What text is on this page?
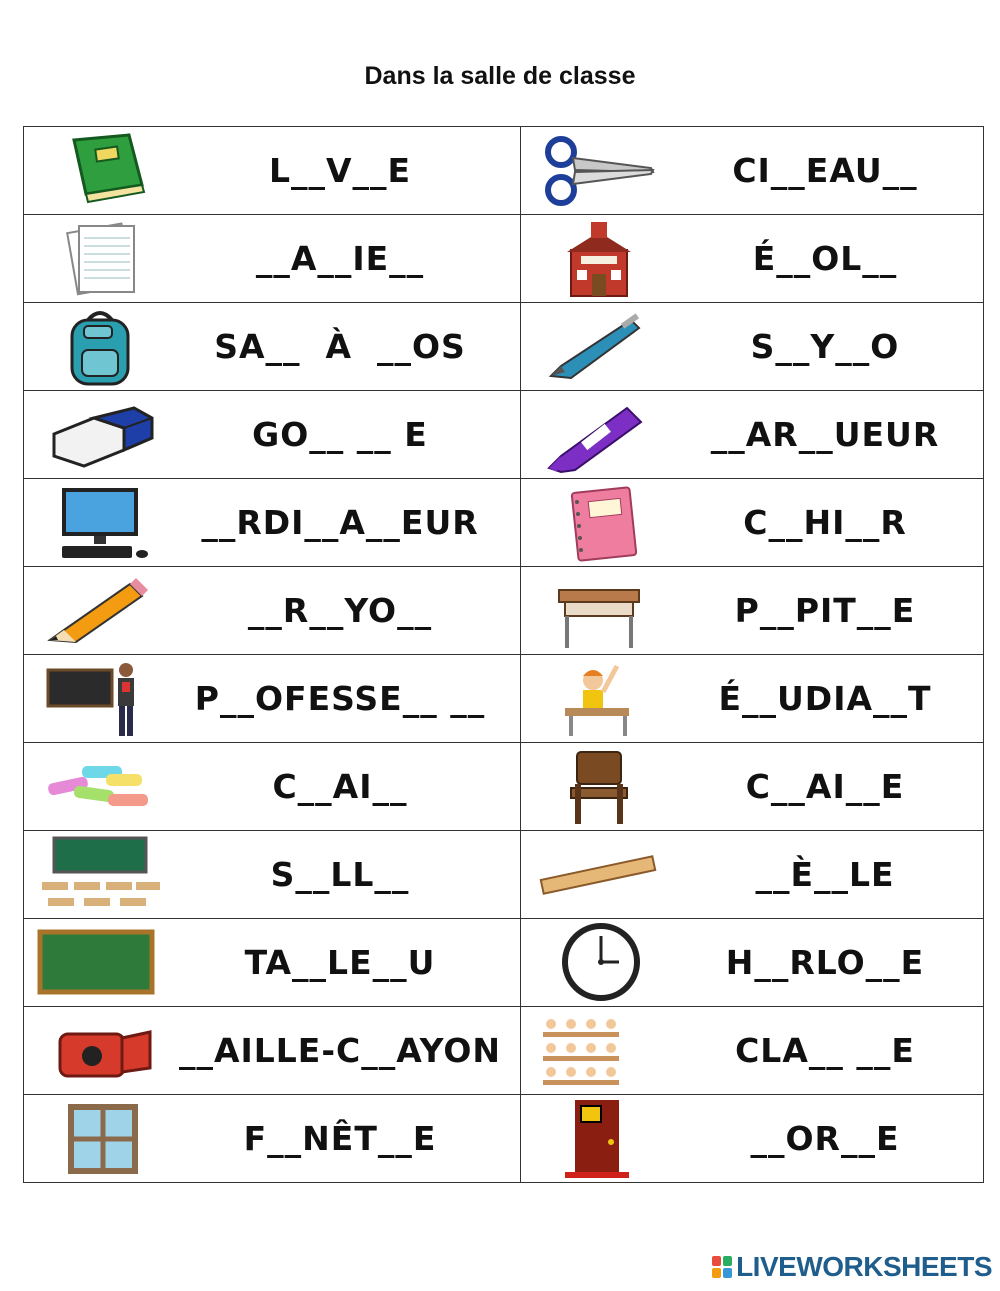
Dans la salle de classe
L__V__E	CI__EAU__

__A__IE__	É__OL__

SA__  À  __OS	S__Y__O

GO__ __ E	__AR__UEUR

__RDI__A__EUR	C__HI__R

__R__YO__	P__PIT__E

P__OFESSE__ __	É__UDIA__T

C__AI__	C__AI__E

S__LL__	__È__LE

TA__LE__U	H__RLO__E

__AILLE-C__AYON	CLA__ __E

F__NÊT__E	__OR__E
LIVEWORKSHEETS
